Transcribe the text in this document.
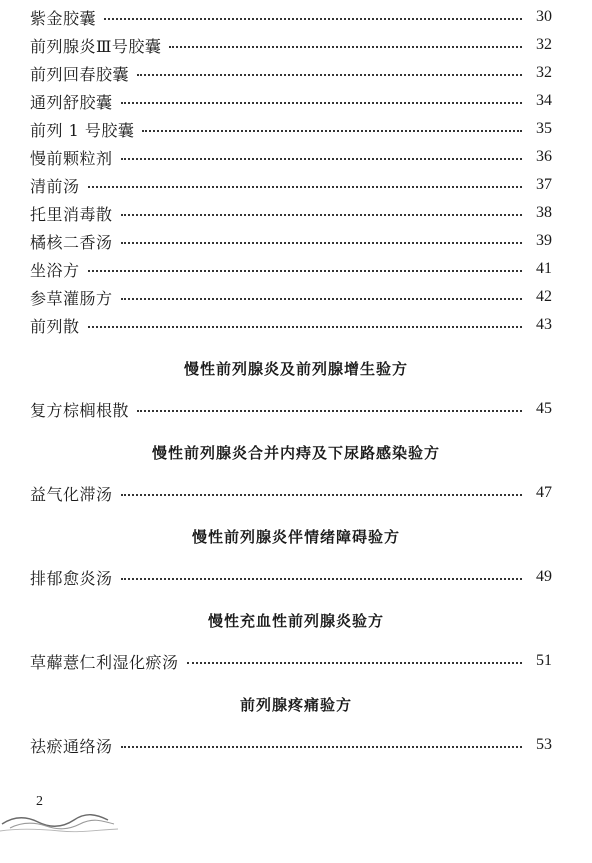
紫金胶囊	30
前列腺炎Ⅲ号胶囊	32
前列回春胶囊	32
通列舒胶囊	34
前列 1 号胶囊	35
慢前颗粒剂	36
清前汤	37
托里消毒散	38
橘核二香汤	39
坐浴方	41
参草灌肠方	42
前列散	43
慢性前列腺炎及前列腺增生验方
复方棕榈根散	45
慢性前列腺炎合并内痔及下尿路感染验方
益气化滞汤	47
慢性前列腺炎伴情绪障碍验方
排郁愈炎汤	49
慢性充血性前列腺炎验方
草薢薏仁利湿化瘀汤	51
前列腺疼痛验方
祛瘀通络汤	53
2
